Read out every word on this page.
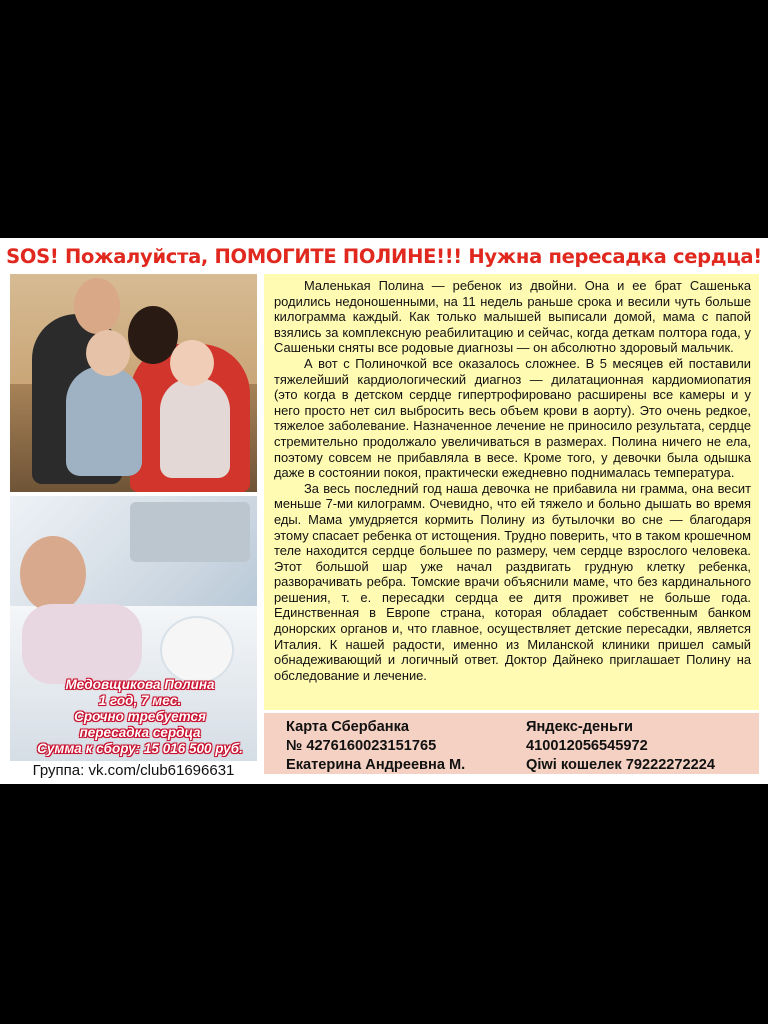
SOS! Пожалуйста, ПОМОГИТЕ ПОЛИНЕ!!! Нужна пересадка сердца!
Медовщикова Полина
1 год, 7 мес.
Срочно требуется
пересадка сердца
Сумма к сбору: 15 016 500 руб.
Группа: vk.com/club61696631

Маленькая Полина — ребенок из двойни. Она и ее брат Сашенька родились недоношенными, на 11 недель раньше срока и весили чуть больше килограмма каждый. Как только малышей выписали домой, мама с папой взялись за комплексную реабилитацию и сейчас, когда деткам полтора года, у Сашеньки сняты все родовые диагнозы — он абсолютно здоровый мальчик.

А вот с Полиночкой все оказалось сложнее. В 5 месяцев ей поставили тяжелейший кардиологический диагноз — дилатационная кардиомиопатия (это когда в детском сердце гипертрофировано расширены все камеры и у него просто нет сил выбросить весь объем крови в аорту). Это очень редкое, тяжелое заболевание. Назначенное лечение не приносило результата, сердце стремительно продолжало увеличиваться в размерах. Полина ничего не ела, поэтому совсем не прибавляла в весе. Кроме того, у девочки была одышка даже в состоянии покоя, практически ежедневно поднималась температура.

За весь последний год наша девочка не прибавила ни грамма, она весит меньше 7-ми килограмм. Очевидно, что ей тяжело и больно дышать во время еды. Мама умудряется кормить Полину из бутылочки во сне — благодаря этому спасает ребенка от истощения. Трудно поверить, что в таком крошечном теле находится сердце большее по размеру, чем сердце взрослого человека. Этот большой шар уже начал раздвигать грудную клетку ребенка, разворачивать ребра. Томские врачи объяснили маме, что без кардинального решения, т. е. пересадки сердца ее дитя проживет не больше года. Единственная в Европе страна, которая обладает собственным банком донорских органов и, что главное, осуществляет детские пересадки, является Италия. К нашей радости, именно из Миланской клиники пришел самый обнадеживающий и логичный ответ. Доктор Дайнеко приглашает Полину на обследование и лечение.

Карта Сбербанка
№ 4276160023151765
Екатерина Андреевна М.
Яндекс-деньги
410012056545972
Qiwi кошелек 79222272224
